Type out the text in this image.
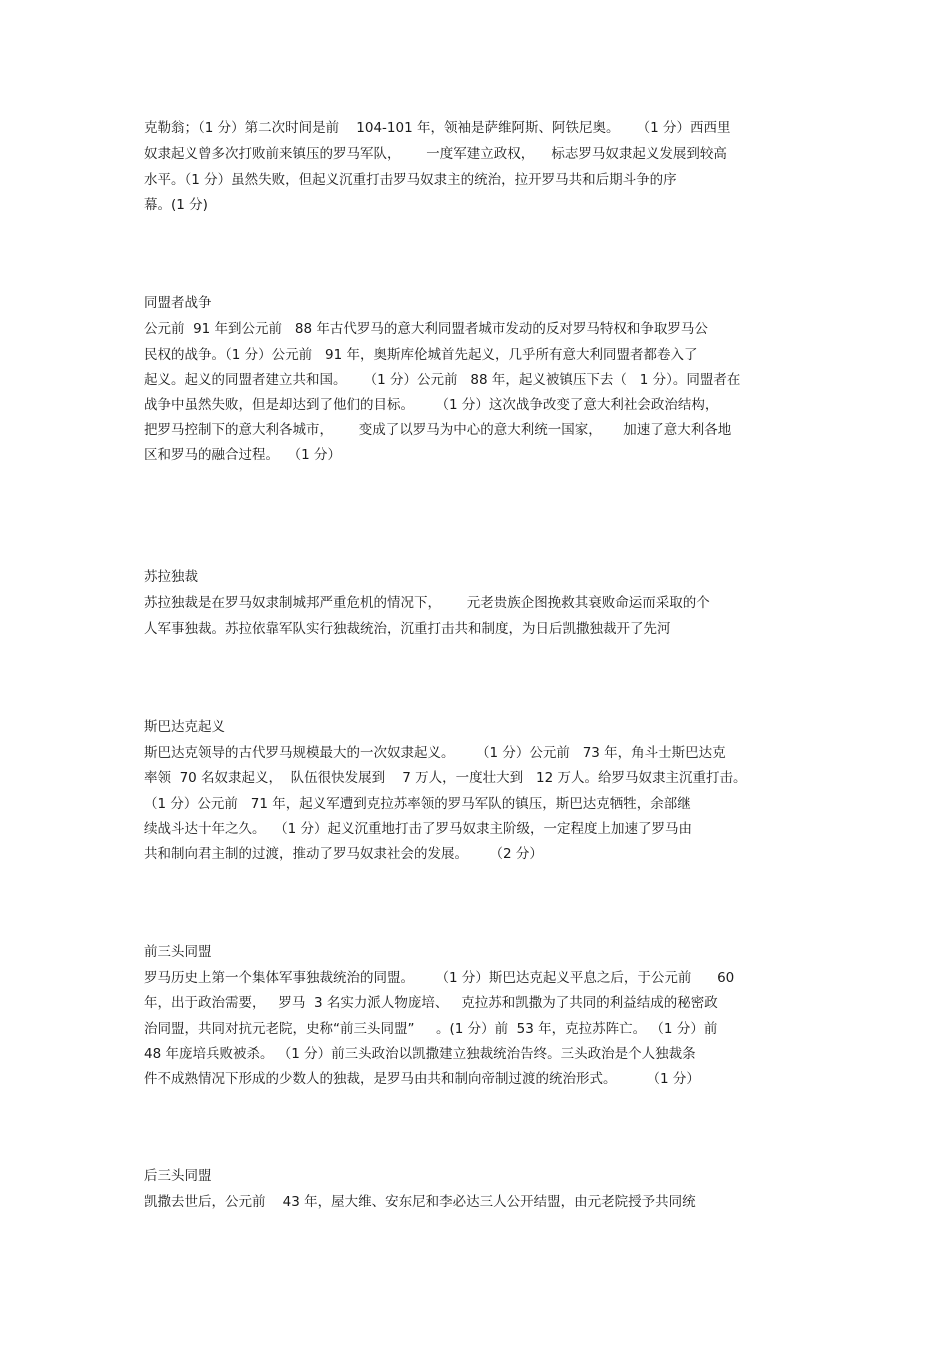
克勒翁；（1 分）第二次时间是前    104-101 年，领袖是萨维阿斯、阿铁尼奥。    （1 分）西西里
奴隶起义曾多次打败前来镇压的罗马军队，      一度军建立政权，    标志罗马奴隶起义发展到较高
水平。（1 分）虽然失败，但起义沉重打击罗马奴隶主的统治，拉开罗马共和后期斗争的序
幕。(1 分)
同盟者战争
公元前  91 年到公元前   88 年古代罗马的意大利同盟者城市发动的反对罗马特权和争取罗马公
民权的战争。（1 分）公元前   91 年，奥斯库伦城首先起义，几乎所有意大利同盟者都卷入了
起义。起义的同盟者建立共和国。    （1 分）公元前   88 年，起义被镇压下去（   1 分）。同盟者在
战争中虽然失败，但是却达到了他们的目标。     （1 分）这次战争改变了意大利社会政治结构，
把罗马控制下的意大利各城市，      变成了以罗马为中心的意大利统一国家，     加速了意大利各地
区和罗马的融合过程。  （1 分）
苏拉独裁
苏拉独裁是在罗马奴隶制城邦严重危机的情况下，      元老贵族企图挽救其衰败命运而采取的个
人军事独裁。苏拉依靠军队实行独裁统治，沉重打击共和制度，为日后凯撒独裁开了先河
斯巴达克起义
斯巴达克领导的古代罗马规模最大的一次奴隶起义。     （1 分）公元前   73 年，角斗士斯巴达克
率领  70 名奴隶起义，  队伍很快发展到    7 万人，一度壮大到   12 万人。给罗马奴隶主沉重打击。
（1 分）公元前   71 年，起义军遭到克拉苏率领的罗马军队的镇压，斯巴达克牺牲，余部继
续战斗达十年之久。  （1 分）起义沉重地打击了罗马奴隶主阶级，一定程度上加速了罗马由
共和制向君主制的过渡，推动了罗马奴隶社会的发展。     （2 分）
前三头同盟
罗马历史上第一个集体军事独裁统治的同盟。     （1 分）斯巴达克起义平息之后，于公元前      60
年，出于政治需要，   罗马  3 名实力派人物庞培、   克拉苏和凯撒为了共同的利益结成的秘密政
治同盟，共同对抗元老院，史称“前三头同盟”     。(1 分）前  53 年，克拉苏阵亡。 （1 分）前
48 年庞培兵败被杀。 （1 分）前三头政治以凯撒建立独裁统治告终。三头政治是个人独裁条
件不成熟情况下形成的少数人的独裁，是罗马由共和制向帝制过渡的统治形式。       （1 分）
后三头同盟
凯撒去世后，公元前    43 年，屋大维、安东尼和李必达三人公开结盟，由元老院授予共同统
